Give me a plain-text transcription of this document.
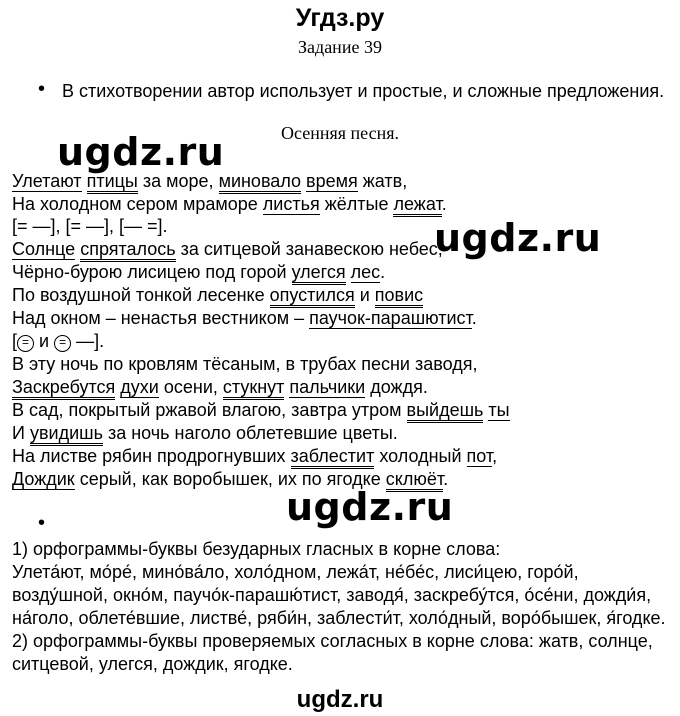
Угдз.ру
Задание 39
• В стихотворении автор использует и простые, и сложные предложения.
Осенняя песня.
ugdz.ru
Улетают птицы за море, миновало время жатв,
На холодном сером мраморе листья жёлтые лежат.
[= —], [= —], [— =].	ugdz.ru
Солнце спряталось за ситцевой занавескою небес,
Чёрно-бурою лисицею под горой улегся лес.
По воздушной тонкой лесенке опустился и повис
Над окном – ненастья вестником – паучок-парашютист.
[ = и = —].
В эту ночь по кровлям тёсаным, в трубах песни заводя,
Заскребутся духи осени, стукнут пальчики дождя.
В сад, покрытый ржавой влагою, завтра утром выйдешь ты
И увидишь за ночь наголо облетевшие цветы.
На листве рябин продрогнувших заблестит холодный пот,
Дождик серый, как воробышек, их по ягодке склюёт.
ugdz.ru
•
1) орфограммы-буквы безударных гласных в корне слова:
Улета́ют, мо́ре́, мино́ва́ло, холо́дном, лежа́т, не́бе́с, лиси́цею, горо́й,
возду́шной, окно́м, паучо́к-парашю́тист, заводя́, заскребу́тся, о́се́ни, дожди́я,
на́голо, облете́вшие, листве́, ряби́н, заблести́т, холо́дный, воро́бышек, я́годке.
2) орфограммы-буквы проверяемых согласных в корне слова: жатв, солнце,
ситцевой, улегся, дождик, ягодке.
ugdz.ru
